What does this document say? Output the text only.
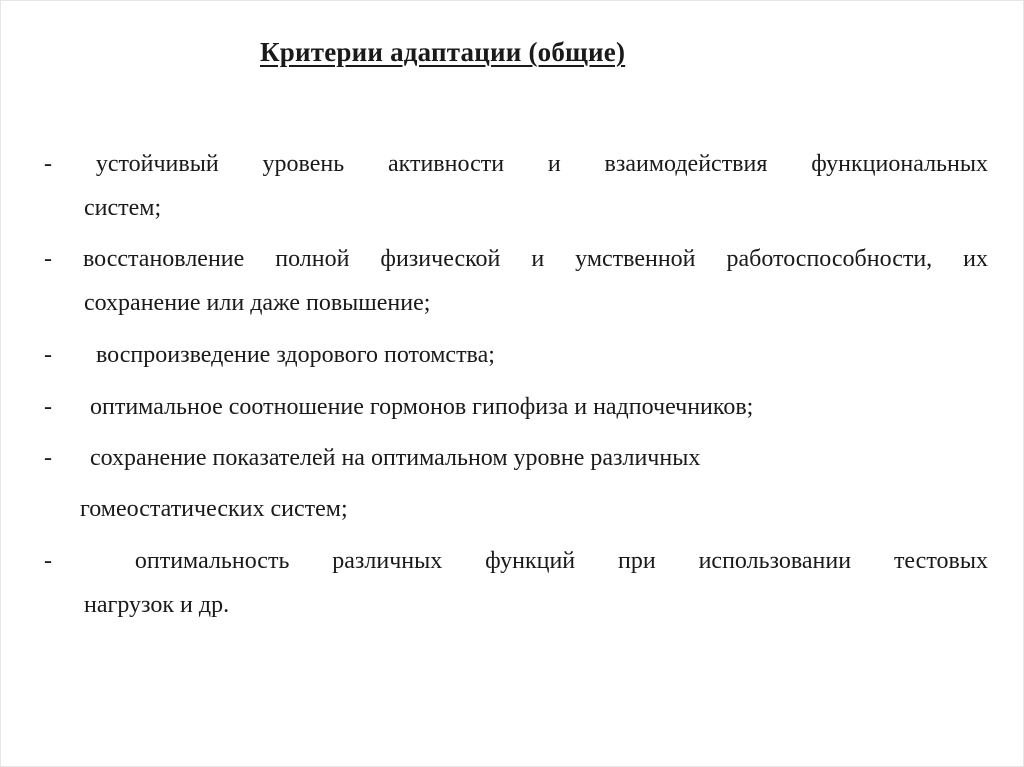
Критерии адаптации (общие)
- устойчивый уровень активности и взаимодействия функциональных
систем;
- восстановление полной физической и умственной работоспособности, их
сохранение или даже повышение;
- воспроизведение здорового потомства;
- оптимальное соотношение гормонов гипофиза и надпочечников;
- сохранение показателей на оптимальном уровне различных
гомеостатических систем;
-	оптимальность различных функций при использовании тестовых
нагрузок и др.
